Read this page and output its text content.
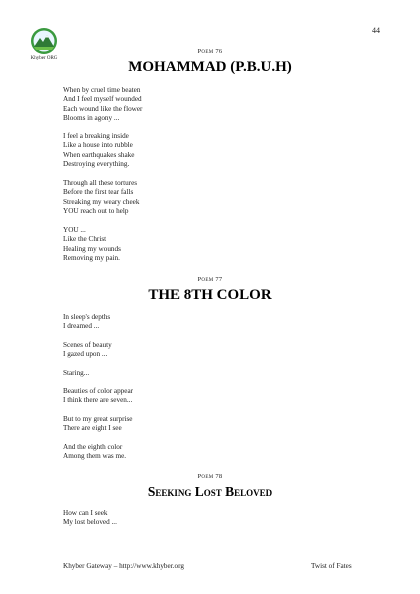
44
Khyber ORG
Poem 76
MOHAMMAD (P.B.U.H)
When by cruel time beaten
And I feel myself wounded
Each wound like the flower
Blooms in agony ...
I feel a breaking inside
Like a house into rubble
When earthquakes shake
Destroying everything.
Through all these tortures
Before the first tear falls
Streaking my weary cheek
YOU reach out to help
YOU ...
Like the Christ
Healing my wounds
Removing my pain.
Poem 77
THE 8TH COLOR
In sleep's depths
I dreamed ...
Scenes of beauty
I gazed upon ...
Staring...
Beauties of color appear
I think there are seven...
But to my great surprise
There are eight I see
And the eighth color
Among them was me.
Poem 78
Seeking Lost Beloved
How can I seek
My lost beloved ...
Khyber Gateway – http://www.khyber.org	Twist of Fates
